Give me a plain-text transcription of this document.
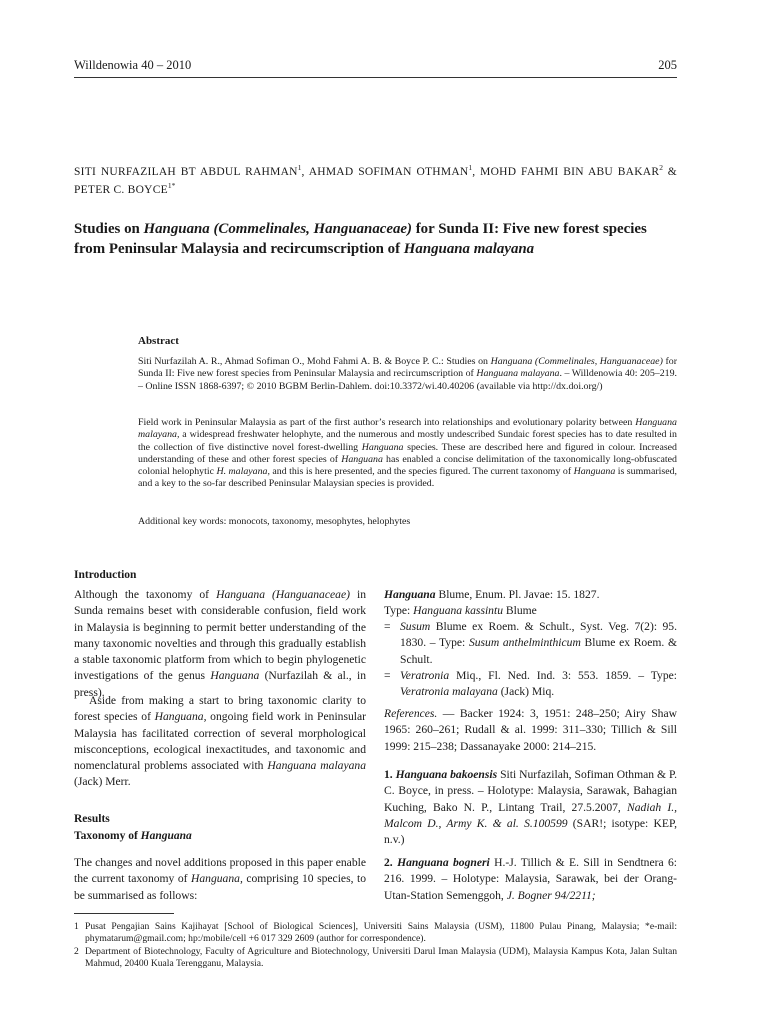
Willdenowia 40 – 2010	205
SITI NURFAZILAH BT ABDUL RAHMAN$^1$, AHMAD SOFIMAN OTHMAN$^1$, MOHD FAHMI BIN ABU BAKAR$^2$ & PETER C. $BOYCE^{1*}$
Studies on Hanguana (Commelinales, Hanguanaceae) for Sunda II: Five new forest species from Peninsular Malaysia and recircumscription of Hanguana malayana
Abstract
Siti Nurfazilah A. R., Ahmad Sofiman O., Mohd Fahmi A. B. & Boyce P. C.: Studies on Hanguana (Commelinales, Hanguanaceae) for Sunda II: Five new forest species from Peninsular Malaysia and recircumscription of Hanguana malayana. – Willdenowia 40: 205–219. – Online ISSN 1868-6397; © 2010 BGBM Berlin-Dahlem. doi:10.3372/wi.40.40206 (available via http://dx.doi.org/)
Field work in Peninsular Malaysia as part of the first author’s research into relationships and evolutionary polarity between Hanguana malayana, a widespread freshwater helophyte, and the numerous and mostly undescribed Sundaic forest species has to date resulted in the collection of five distinctive novel forest-dwelling Hanguana species. These are described here and figured in colour. Increased understanding of these and other forest species of Hanguana has enabled a concise delimitation of the taxonomically long-obfuscated colonial helophytic H. malayana, and this is here presented, and the species figured. The current taxonomy of Hanguana is summarised, and a key to the so-far described Peninsular Malaysian species is provided.
Additional key words: monocots, taxonomy, mesophytes, helophytes
Introduction

Although the taxonomy of Hanguana (Hanguanaceae) in Sunda remains beset with considerable confusion, field work in Malaysia is beginning to permit better understanding of the many taxonomic novelties and through this gradually establish a stable taxonomic platform from which to begin phylogenetic investigations of the genus Hanguana (Nurfazilah & al., in press).

Aside from making a start to bring taxonomic clarity to forest species of Hanguana, ongoing field work in Peninsular Malaysia has facilitated correction of several morphological misconceptions, ecological inexactitudes, and taxonomic and nomenclatural problems associated with Hanguana malayana (Jack) Merr.

Results
Taxonomy of Hanguana

The changes and novel additions proposed in this paper enable the current taxonomy of Hanguana, comprising 10 species, to be summarised as follows:

Hanguana Blume, Enum. Pl. Javae: 15. 1827.

Type: Hanguana kassintu Blume

= Susum Blume ex Roem. & Schult., Syst. Veg. 7(2): 95. 1830. – Type: Susum anthelminthicum Blume ex Roem. & Schult.
= Veratronia Miq., Fl. Ned. Ind. 3: 553. 1859. – Type: Veratronia malayana (Jack) Miq.

References. — Backer 1924: 3, 1951: 248–250; Airy Shaw 1965: 260–261; Rudall & al. 1999: 311–330; Tillich & Sill 1999: 215–238; Dassanayake 2000: 214–215.

1. Hanguana bakoensis Siti Nurfazilah, Sofiman Othman & P. C. Boyce, in press. – Holotype: Malaysia, Sarawak, Bahagian Kuching, Bako N. P., Lintang Trail, 27.5.2007, Nadiah I., Malcom D., Army K. & al. S.100599 (SAR!; isotype: KEP, n.v.)

2. Hanguana bogneri H.-J. Tillich & E. Sill in Sendtnera 6: 216. 1999. – Holotype: Malaysia, Sarawak, bei der Orang-Utan-Station Semenggoh, J. Bogner 94/2211;

1 Pusat Pengajian Sains Kajihayat [School of Biological Sciences], Universiti Sains Malaysia (USM), 11800 Pulau Pinang, Malaysia; *e-mail: phymatarum@gmail.com; hp:/mobile/cell +6 017 329 2609 (author for correspondence).
2 Department of Biotechnology, Faculty of Agriculture and Biotechnology, Universiti Darul Iman Malaysia (UDM), Malaysia Kampus Kota, Jalan Sultan Mahmud, 20400 Kuala Terengganu, Malaysia.
